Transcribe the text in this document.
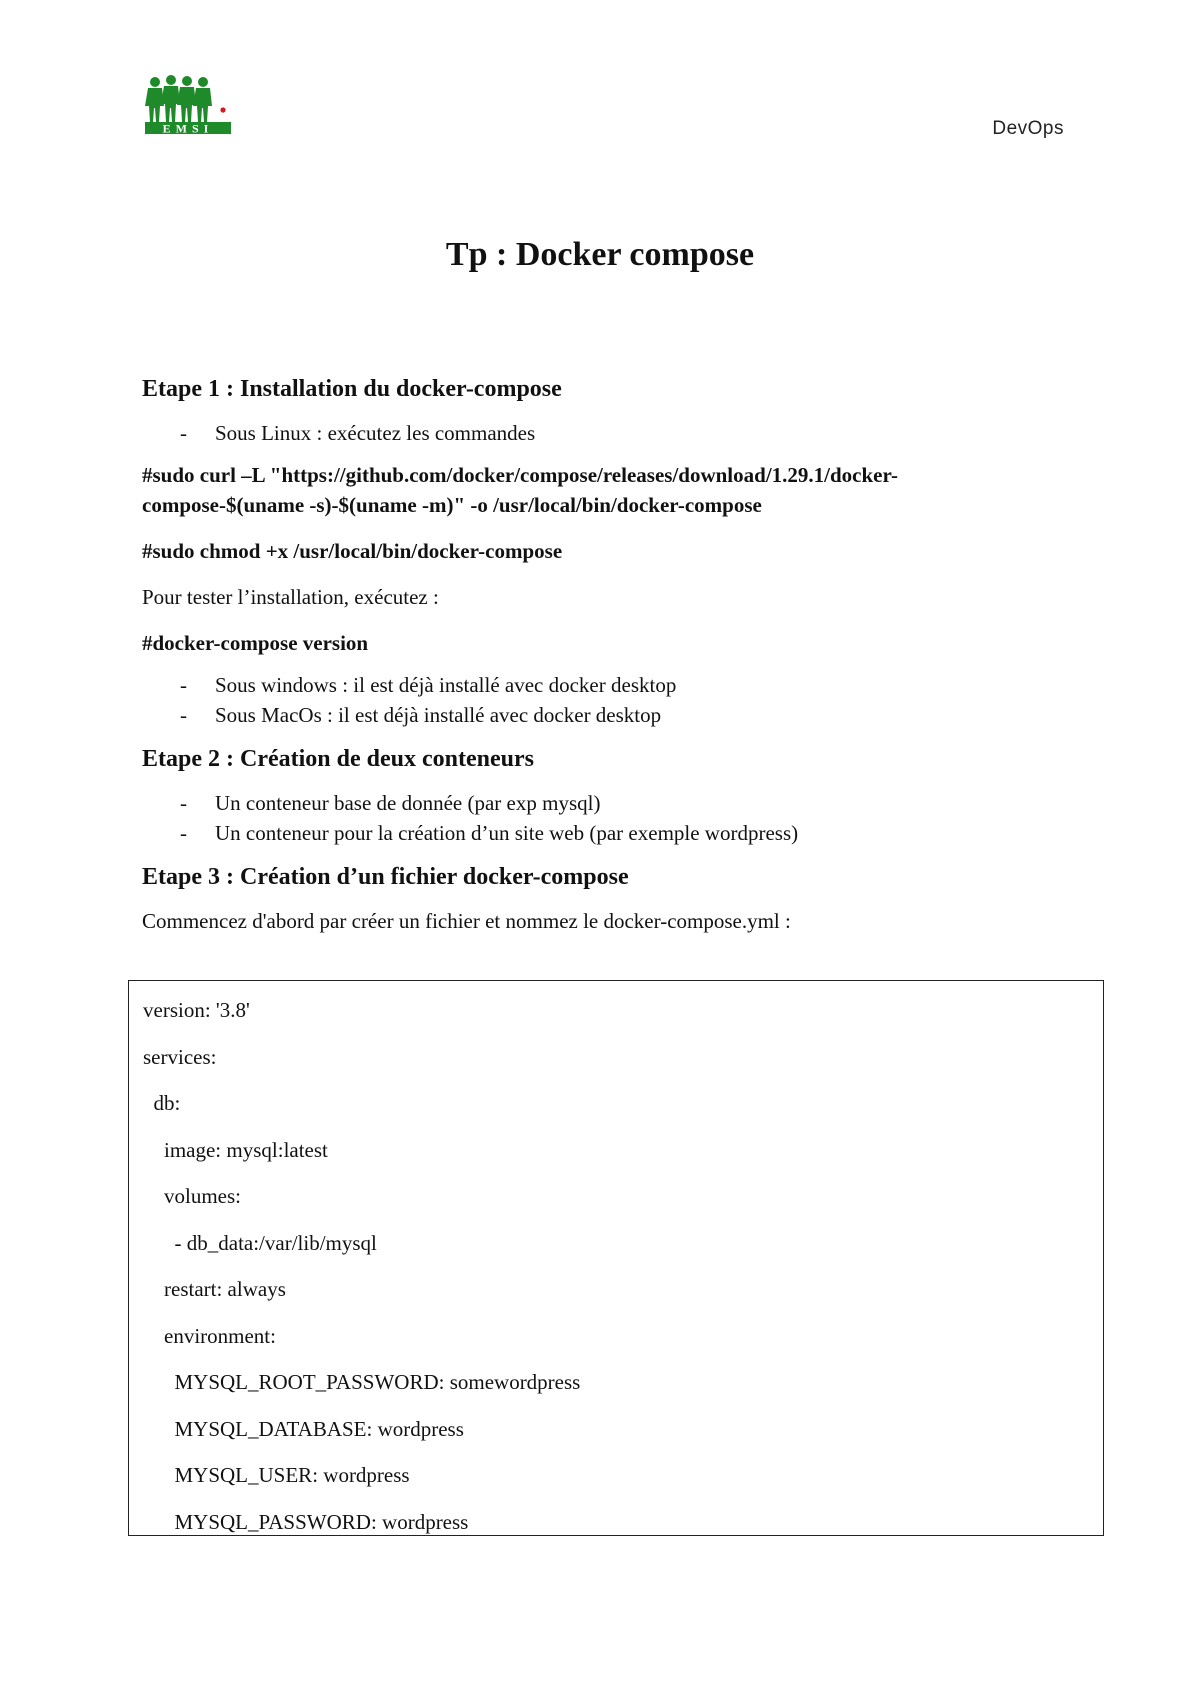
EMSI	DevOps
Tp : Docker compose
Etape 1 : Installation du docker-compose
- Sous Linux : exécutez les commandes

#sudo curl –L "https://github.com/docker/compose/releases/download/1.29.1/docker-

compose-$(uname -s)-$(uname -m)" -o /usr/local/bin/docker-compose

#sudo chmod +x /usr/local/bin/docker-compose

Pour tester l’installation, exécutez :

#docker-compose version

- Sous windows : il est déjà installé avec docker desktop
- Sous MacOs : il est déjà installé avec docker desktop
Etape 2 : Création de deux conteneurs
- Un conteneur base de donnée (par exp mysql)
- Un conteneur pour la création d’un site web (par exemple wordpress)
Etape 3 : Création d’un fichier docker-compose

Commencez d'abord par créer un fichier et nommez le docker-compose.yml :

version: '3.8'
services:
db:
image: mysql:latest
volumes:
- db_data:/var/lib/mysql
restart: always
environment:
MYSQL_ROOT_PASSWORD: somewordpress
MYSQL_DATABASE: wordpress
MYSQL_USER: wordpress
MYSQL_PASSWORD: wordpress
